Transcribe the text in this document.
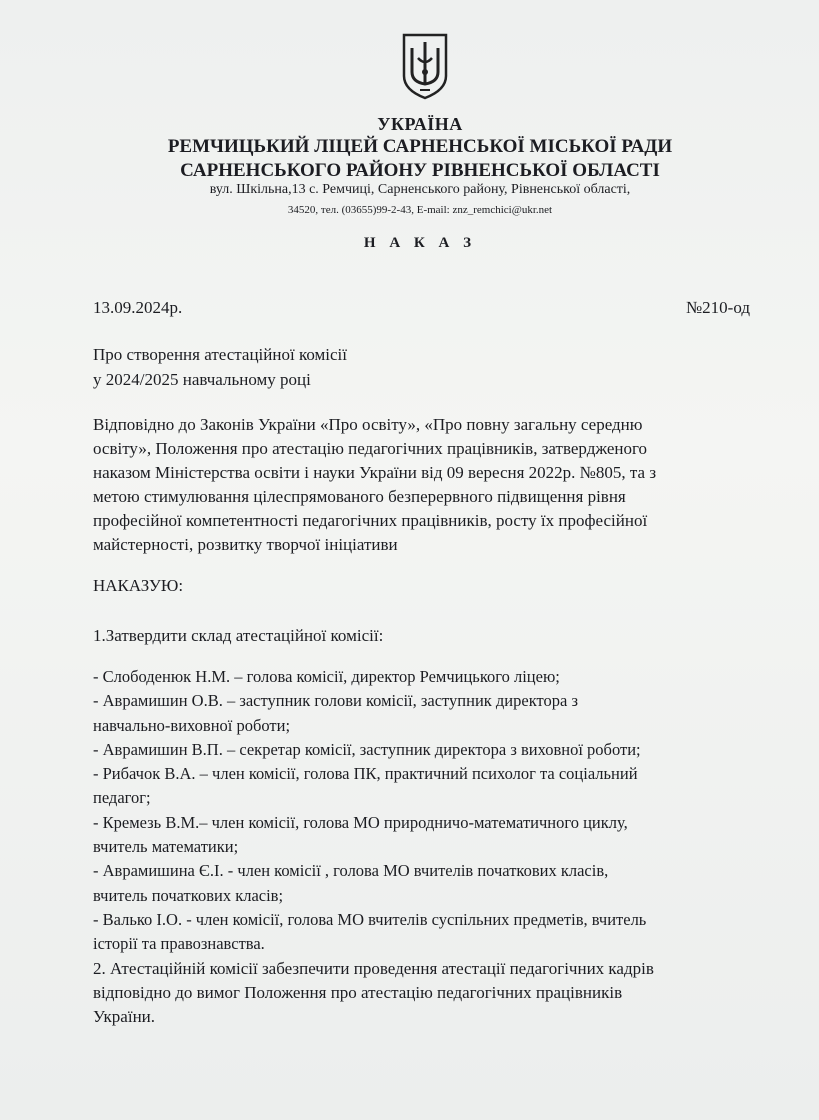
УКРАЇНА
РЕМЧИЦЬКИЙ ЛІЦЕЙ САРНЕНСЬКОЇ МІСЬКОЇ РАДИ
САРНЕНСЬКОГО РАЙОНУ РІВНЕНСЬКОЇ ОБЛАСТІ
вул. Шкільна,13 с. Ремчиці, Сарненського району, Рівненської області,
34520, тел. (03655)99-2-43, E-mail: znz_remchici@ukr.net
Н А К А З
13.09.2024р.	№210-од
Про створення атестаційної комісії
у 2024/2025 навчальному році
Відповідно до Законів України «Про освіту», «Про повну загальну середню
освіту», Положення про атестацію педагогічних працівників, затвердженого
наказом Міністерства освіти і науки України від 09 вересня 2022р. №805, та з
метою стимулювання цілеспрямованого безперервного підвищення рівня
професійної компетентності педагогічних працівників, росту їх професійної
майстерності, розвитку творчої ініціативи
НАКАЗУЮ:
1.Затвердити склад атестаційної комісії:
- Слободенюк Н.М. – голова комісії, директор Ремчицького ліцею;
- Аврамишин О.В. – заступник голови комісії, заступник директора з
навчально-виховної роботи;
- Аврамишин В.П. – секретар комісії, заступник директора з виховної роботи;
- Рибачок В.А. – член комісії, голова ПК, практичний психолог та соціальний
педагог;
- Кремезь В.М.– член комісії, голова МО природничо-математичного циклу,
вчитель математики;
- Аврамишина Є.І. - член комісії , голова МО вчителів початкових класів,
вчитель початкових класів;
- Валько І.О. - член комісії, голова МО вчителів суспільних предметів, вчитель
історії та правознавства.
2. Атестаційній комісії забезпечити проведення атестації педагогічних кадрів
відповідно до вимог Положення про атестацію педагогічних працівників
України.
